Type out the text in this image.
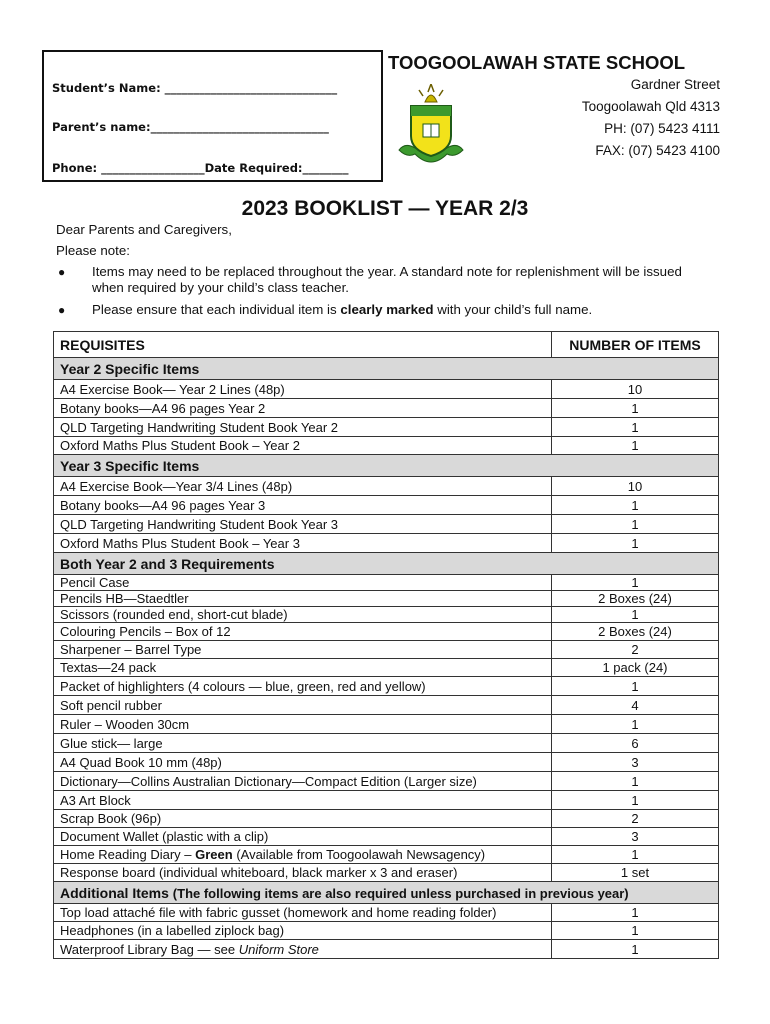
Student’s Name: ______________________________
Parent’s name:_______________________________
Phone: __________________Date Required:________
TOOGOOLAWAH STATE SCHOOL
Gardner Street
Toogoolawah Qld 4313
PH: (07) 5423 4111
FAX: (07) 5423 4100
2023 BOOKLIST — YEAR 2/3
Dear Parents and Caregivers,
Please note:
● Items may need to be replaced throughout the year. A standard note for replenishment will be issued when required by your child’s class teacher.
● Please ensure that each individual item is clearly marked with your child’s full name.
REQUISITES	NUMBER OF ITEMS
Year 2 Specific Items	
A4 Exercise Book— Year 2 Lines (48p)	10
Botany books—A4 96 pages Year 2	1
QLD Targeting Handwriting Student Book Year 2	1
Oxford Maths Plus Student Book – Year 2	1
Year 3 Specific Items	
A4 Exercise Book—Year 3/4 Lines (48p)	10
Botany books—A4 96 pages Year 3	1
QLD Targeting Handwriting Student Book Year 3	1
Oxford Maths Plus Student Book – Year 3	1
Both Year 2 and 3 Requirements	
Pencil Case	1
Pencils HB—Staedtler	2 Boxes (24)
Scissors (rounded end, short-cut blade)	1
Colouring Pencils – Box of 12	2 Boxes (24)
Sharpener – Barrel Type	2
Textas—24 pack	1 pack (24)
Packet of highlighters (4 colours — blue, green, red and yellow)	1
Soft pencil rubber	4
Ruler – Wooden 30cm	1
Glue stick— large	6
A4 Quad Book 10 mm (48p)	3
Dictionary—Collins Australian Dictionary—Compact Edition (Larger size)	1
A3 Art Block	1
Scrap Book (96p)	2
Document Wallet (plastic with a clip)	3
Home Reading Diary – Green (Available from Toogoolawah Newsagency)	1
Response board (individual whiteboard, black marker x 3 and eraser)	1 set
Additional Items (The following items are also required unless purchased in previous year)	
Top load attaché file with fabric gusset (homework and home reading folder)	1
Headphones (in a labelled ziplock bag)	1
Waterproof Library Bag — see Uniform Store	1
